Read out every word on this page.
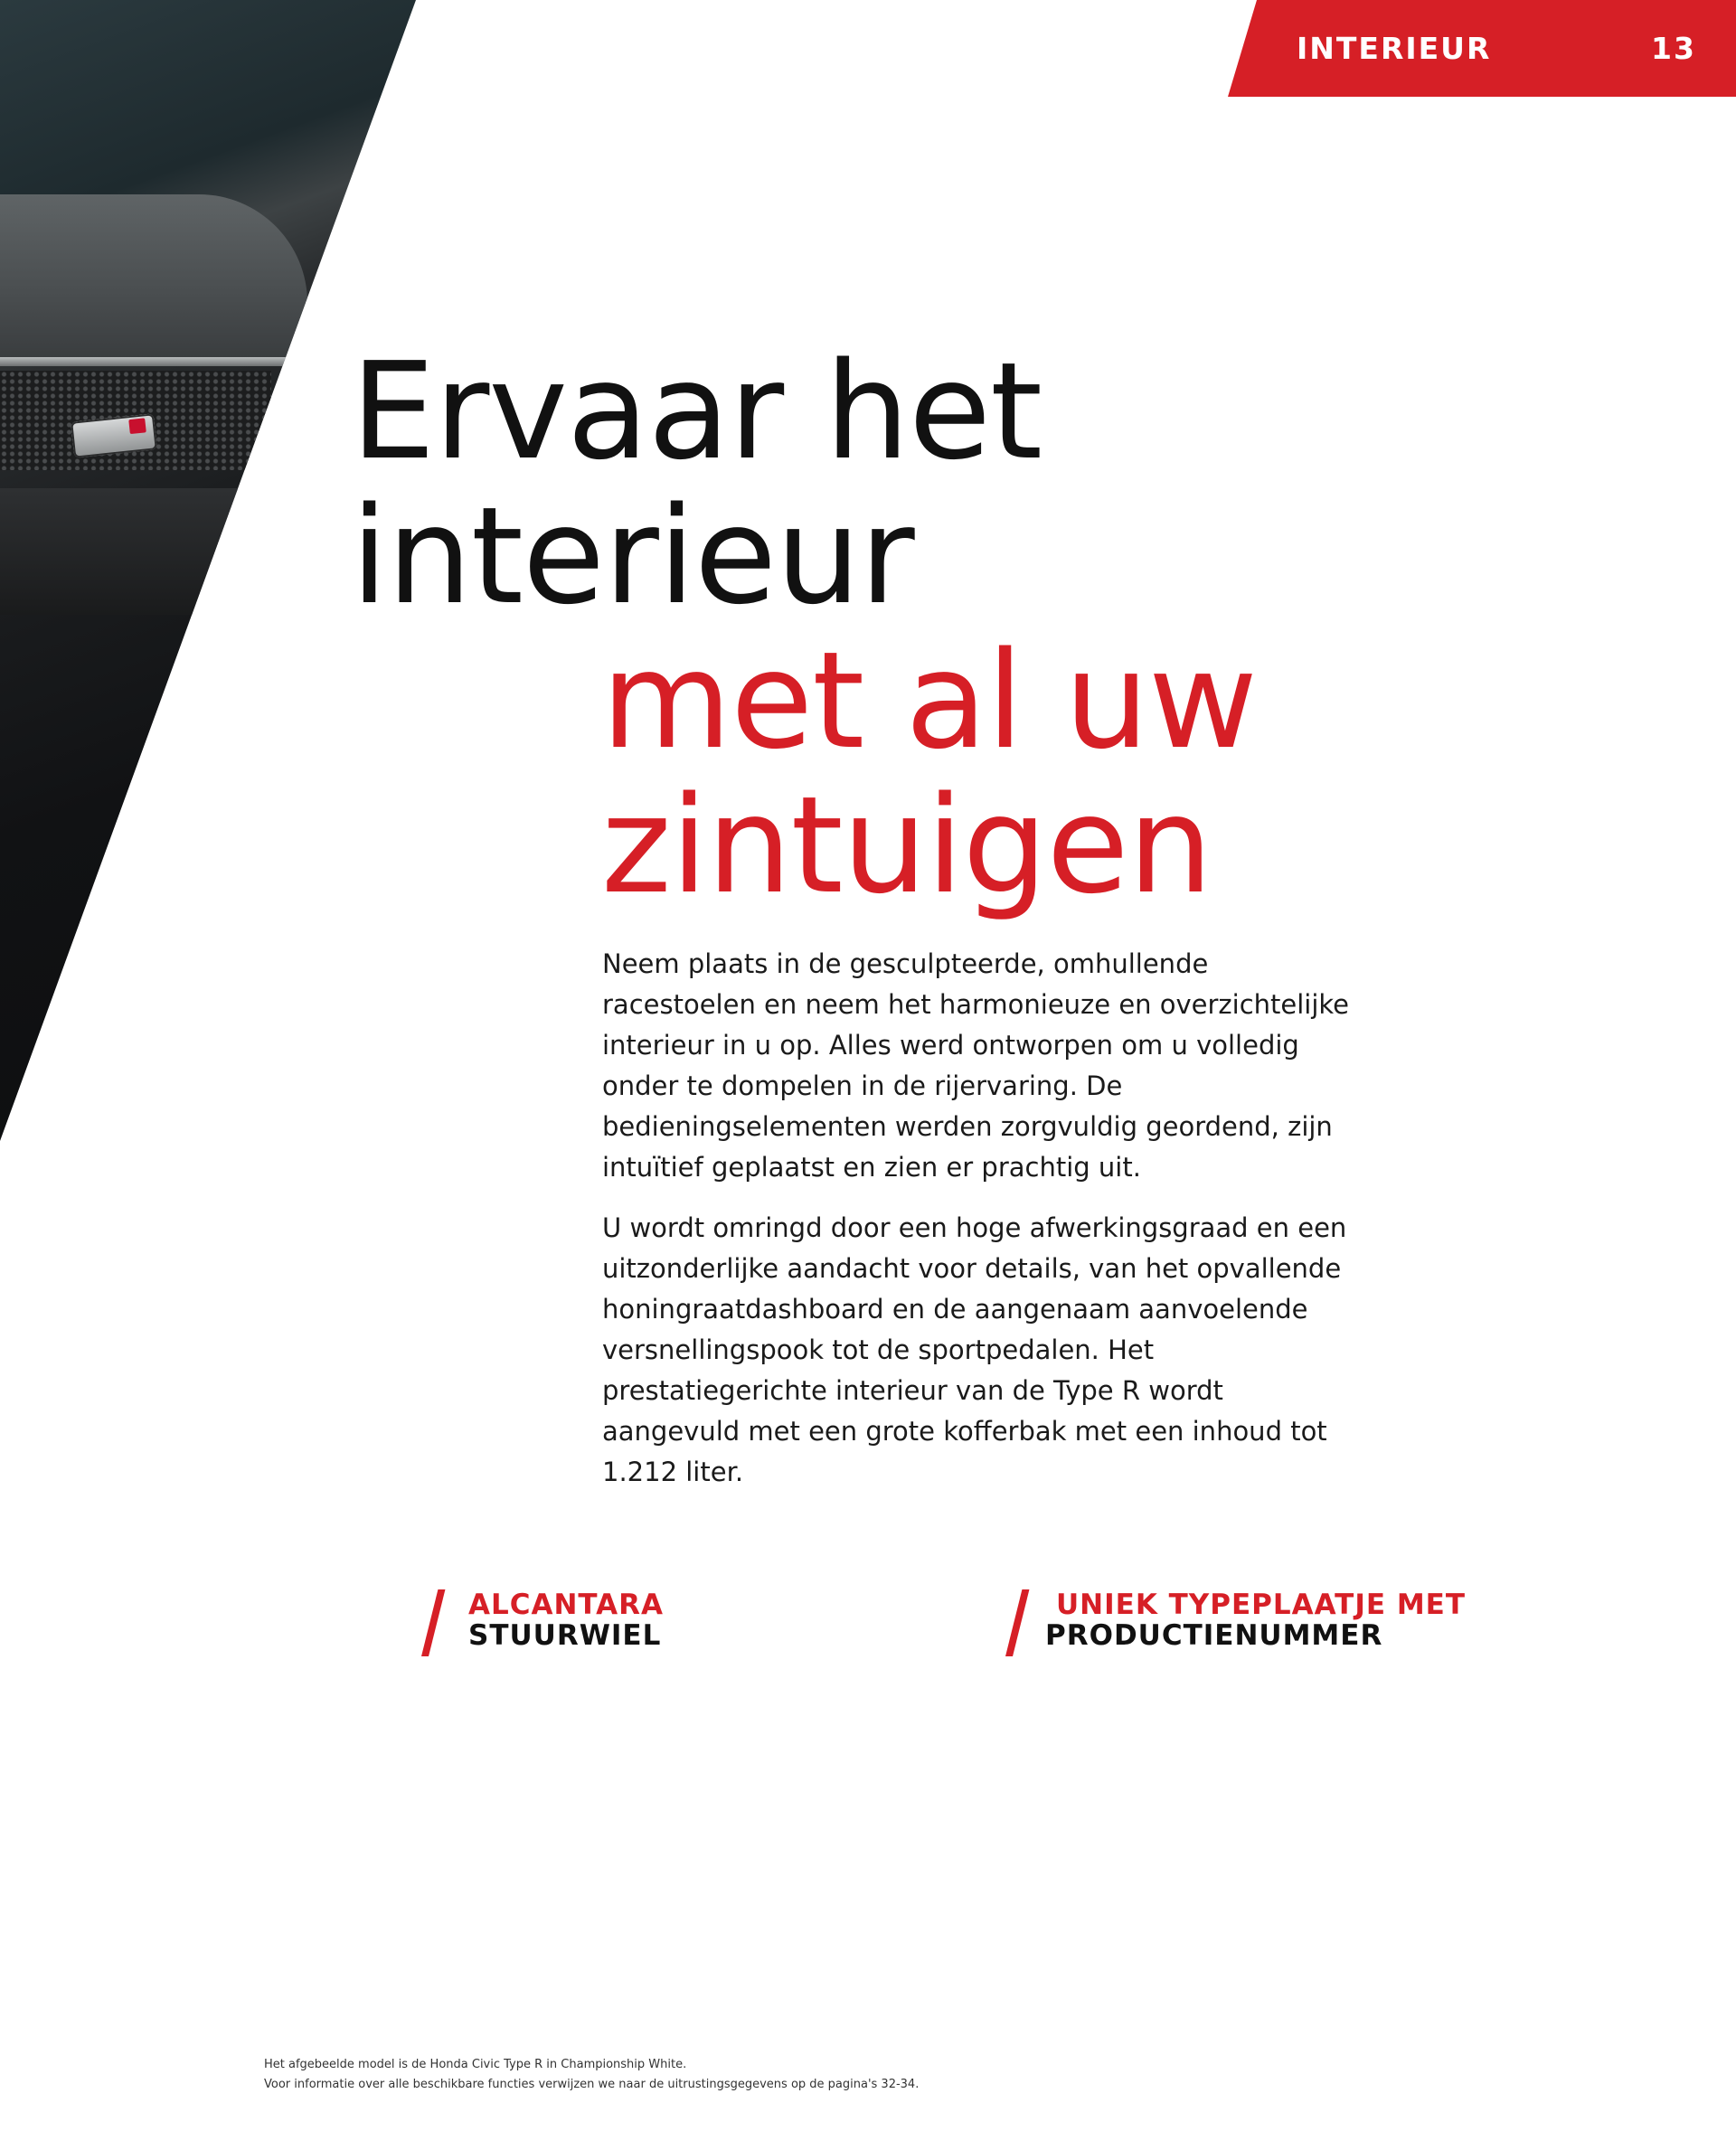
INTERIEUR	13
Ervaar het
interieur
met al uw
zintuigen

Neem plaats in de gesculpteerde, omhullende racestoelen en neem het harmonieuze en overzichtelijke interieur in u op. Alles werd ontworpen om u volledig onder te dompelen in de rijervaring. De bedieningselementen werden zorgvuldig geordend, zijn intuïtief geplaatst en zien er prachtig uit.

U wordt omringd door een hoge afwerkingsgraad en een uitzonderlijke aandacht voor details, van het opvallende honingraatdashboard en de aangenaam aanvoelende versnellingspook tot de sportpedalen. Het prestatiegerichte interieur van de Type R wordt aangevuld met een grote kofferbak met een inhoud tot 1.212 liter.

ALCANTARA
STUURWIEL
UNIEK TYPEPLAATJE MET
PRODUCTIENUMMER
Het afgebeelde model is de Honda Civic Type R in Championship White.
Voor informatie over alle beschikbare functies verwijzen we naar de uitrustingsgegevens op de pagina's 32-34.
